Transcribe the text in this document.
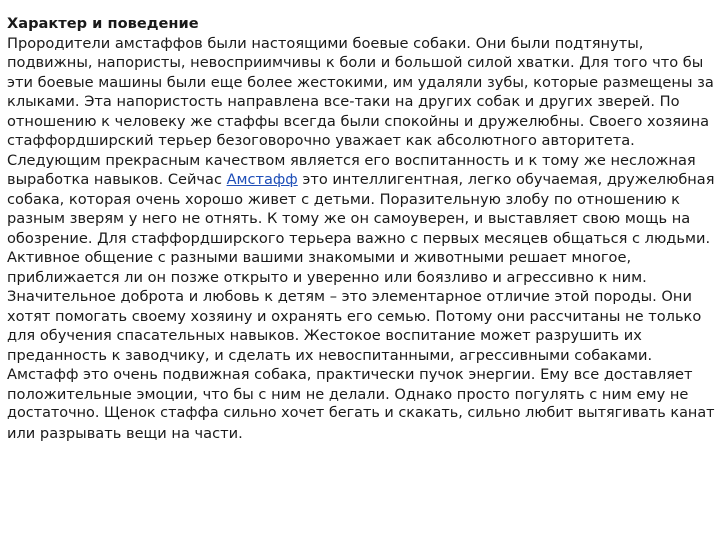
Характер и поведение
Прородители амстаффов были настоящими боевые собаки. Они были подтянуты,
подвижны, напористы, невосприимчивы к боли и большой силой хватки. Для того что бы
эти боевые машины были еще более жестокими, им удаляли зубы, которые размещены за
клыками. Эта напористость направлена все-таки на других собак и других зверей. По
отношению к человеку же стаффы всегда были спокойны и дружелюбны. Своего хозяина
стаффордширский терьер безоговорочно уважает как абсолютного авторитета.
Следующим прекрасным качеством является его воспитанность и к тому же несложная
выработка навыков. Сейчас Амстафф это интеллигентная, легко обучаемая, дружелюбная
собака, которая очень хорошо живет с детьми. Поразительную злобу по отношению к
разным зверям у него не отнять. К тому же он самоуверен, и выставляет свою мощь на
обозрение. Для стаффордширского терьера важно с первых месяцев общаться с людьми.
Активное общение с разными вашими знакомыми и животными решает многое,
приближается ли он позже открыто и уверенно или боязливо и агрессивно к ним.
Значительное доброта и любовь к детям – это элементарное отличие этой породы. Они
хотят помогать своему хозяину и охранять его семью. Потому они рассчитаны не только
для обучения спасательных навыков. Жестокое воспитание может разрушить их
преданность к заводчику, и сделать их невоспитанными, агрессивными собаками.
Амстафф это очень подвижная собака, практически пучок энергии. Ему все доставляет
положительные эмоции, что бы с ним не делали. Однако просто погулять с ним ему не
достаточно. Щенок стаффа сильно хочет бегать и скакать, сильно любит вытягивать канат
или разрывать вещи на части.
